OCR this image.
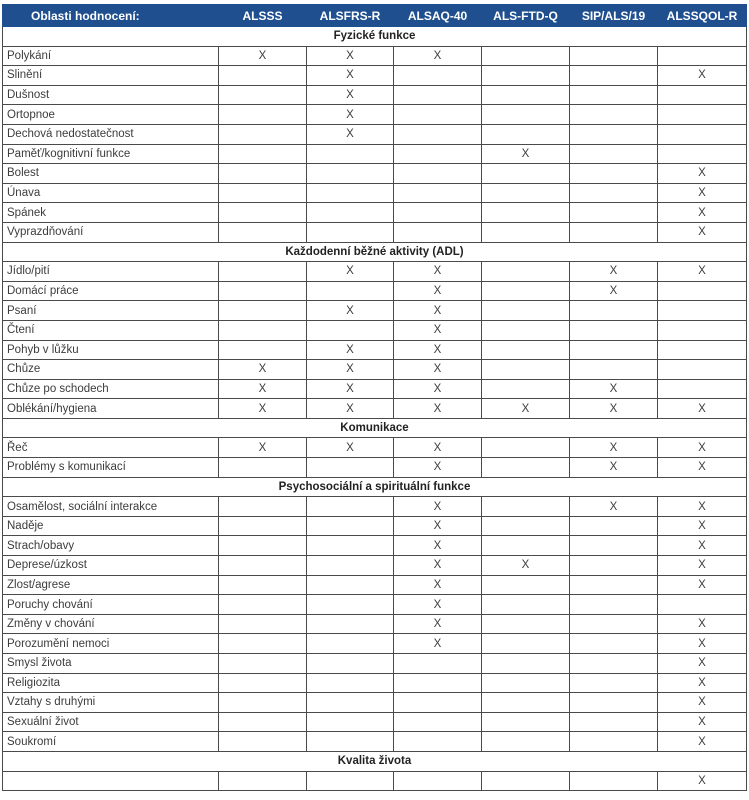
Oblasti hodnocení:	ALSSS	ALSFRS-R	ALSAQ-40	ALS-FTD-Q	SIP/ALS/19	ALSSQOL-R
Fyzické funkce						
Polykání	X	X	X			
Slinění		X				X
Dušnost		X				
Ortopnoe		X				
Dechová nedostatečnost		X				
Paměť/kognitivní funkce				X		
Bolest						X
Únava						X
Spánek						X
Vyprazdňování						X
Každodenní běžné aktivity (ADL)						
Jídlo/pití		X	X		X	X
Domácí práce			X		X	
Psaní		X	X			
Čtení			X			
Pohyb v lůžku		X	X			
Chůze	X	X	X			
Chůze po schodech	X	X	X		X	
Oblékání/hygiena	X	X	X	X	X	X
Komunikace						
Řeč	X	X	X		X	X
Problémy s komunikací			X		X	X
Psychosociální a spirituální funkce						
Osamělost, sociální interakce			X		X	X
Naděje			X			X
Strach/obavy			X			X
Deprese/úzkost			X	X		X
Zlost/agrese			X			X
Poruchy chování			X			
Změny v chování			X			X
Porozumění nemoci			X			X
Smysl života						X
Religiozita						X
Vztahy s druhými						X
Sexuální život						X
Soukromí						X
Kvalita života						
						X
